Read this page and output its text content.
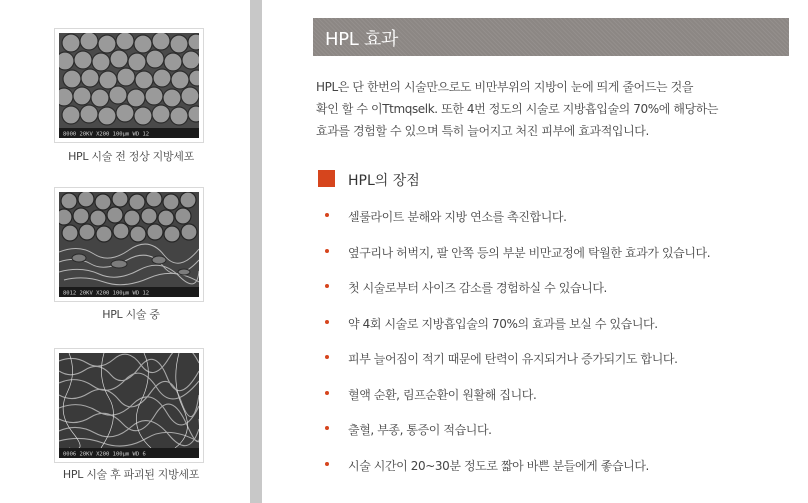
8000 20KV X200 100μm WD 12
HPL 시술 전 정상 지방세포
8012 20KV X200 100μm WD 12
HPL 시술 중
0006 20KV X200 100μm WD 6
HPL 시술 후 파괴된 지방세포
HPL 효과
HPL은 단 한번의 시술만으로도 비만부위의 지방이 눈에 띄게 줄어드는 것을
확인 할 수 이Ttmqselk. 또한 4번 정도의 시술로 지방흡입술의 70%에 해당하는
효과를 경험할 수 있으며 특히 늘어지고 처진 피부에 효과적입니다.
HPL의 장점
셀룰라이트 분해와 지방 연소를 촉진합니다.
옆구리나 허벅지, 팔 안쪽 등의 부분 비만교정에 탁월한 효과가 있습니다.
첫 시술로부터 사이즈 감소를 경험하실 수 있습니다.
약 4회 시술로 지방흡입술의 70%의 효과를 보실 수 있습니다.
피부 늘어짐이 적기 때문에 탄력이 유지되거나 증가되기도 합니다.
혈액 순환, 림프순환이 원활해 집니다.
출혈, 부종, 통증이 적습니다.
시술 시간이 20~30분 정도로 짧아 바쁜 분들에게 좋습니다.
